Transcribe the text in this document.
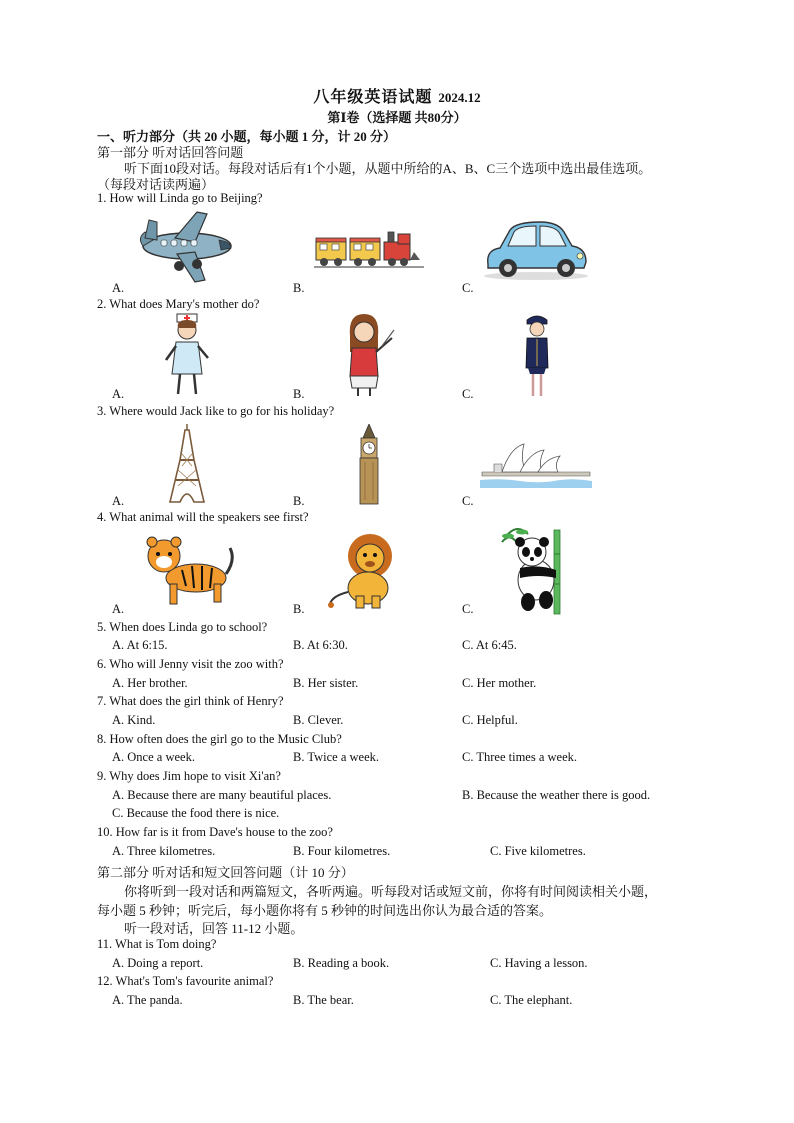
八年级英语试题 2024.12
第Ⅰ卷（选择题 共80分）
一、听力部分（共 20 小题，每小题 1 分，计 20 分）
第一部分 听对话回答问题
听下面10段对话。每段对话后有1个小题，从题中所给的A、B、C三个选项中选出最佳选项。
（每段对话读两遍）
1. How will Linda go to Beijing?
A.	B.	C.
2. What does Mary's mother do?
A.	B.	C.
3. Where would Jack like to go for his holiday?
A.	B.	C.
4. What animal will the speakers see first?
A.	B.	C.
5. When does Linda go to school?
A. At 6:15.	B. At 6:30.	C. At 6:45.
6. Who will Jenny visit the zoo with?
A. Her brother.	B. Her sister.	C. Her mother.
7. What does the girl think of Henry?
A. Kind.	B. Clever.	C. Helpful.
8. How often does the girl go to the Music Club?
A. Once a week.	B. Twice a week.	C. Three times a week.
9. Why does Jim hope to visit Xi'an?
A. Because there are many beautiful places.	B. Because the weather there is good.
C. Because the food there is nice.
10. How far is it from Dave's house to the zoo?
A. Three kilometres.	B. Four kilometres.	C. Five kilometres.
第二部分 听对话和短文回答问题（计 10 分）
你将听到一段对话和两篇短文，各听两遍。听每段对话或短文前，你将有时间阅读相关小题，
每小题 5 秒钟；听完后，每小题你将有 5 秒钟的时间选出你认为最合适的答案。
听一段对话，回答 11-12 小题。
11. What is Tom doing?
A. Doing a report.	B. Reading a book.	C. Having a lesson.
12. What's Tom's favourite animal?
A. The panda.	B. The bear.	C. The elephant.
